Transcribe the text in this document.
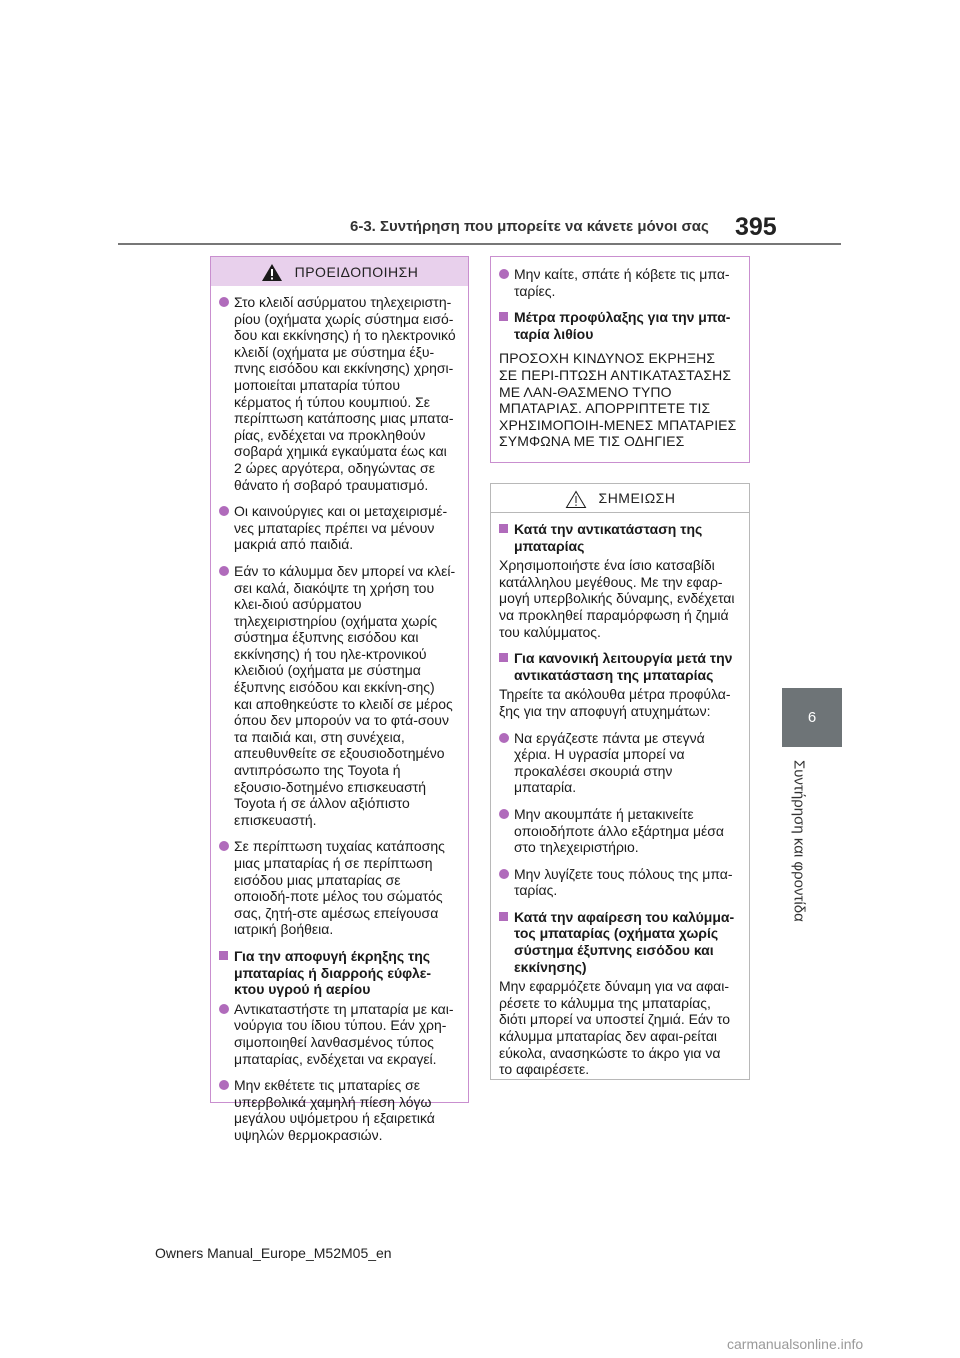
6-3. Συντήρηση που μπορείτε να κάνετε μόνοι σας 395
6
Συντήρηση και φροντίδα
ΠΡΟΕΙΔΟΠΟΙΗΣΗ

Στο κλειδί ασύρματου τηλεχειριστη-ρίου (οχήματα χωρίς σύστημα εισό-δου και εκκίνησης) ή το ηλεκτρονικό κλειδί (οχήματα με σύστημα έξυ-πνης εισόδου και εκκίνησης) χρησι-μοποιείται μπαταρία τύπου κέρματος ή τύπου κουμπιού. Σε περίπτωση κατάποσης μιας μπατα-ρίας, ενδέχεται να προκληθούν σοβαρά χημικά εγκαύματα έως και 2 ώρες αργότερα, οδηγώντας σε θάνατο ή σοβαρό τραυματισμό.

Οι καινούργιες και οι μεταχειρισμέ-νες μπαταρίες πρέπει να μένουν μακριά από παιδιά.

Εάν το κάλυμμα δεν μπορεί να κλεί-σει καλά, διακόψτε τη χρήση του κλει-διού ασύρματου τηλεχειριστηρίου (οχήματα χωρίς σύστημα έξυπνης εισόδου και εκκίνησης) ή του ηλε-κτρονικού κλειδιού (οχήματα με σύστημα έξυπνης εισόδου και εκκίνη-σης) και αποθηκεύστε το κλειδί σε μέρος όπου δεν μπορούν να το φτά-σουν τα παιδιά και, στη συνέχεια, απευθυνθείτε σε εξουσιοδοτημένο αντιπρόσωπο της Toyota ή εξουσιο-δοτημένο επισκευαστή Toyota ή σε άλλον αξιόπιστο επισκευαστή.

Σε περίπτωση τυχαίας κατάποσης μιας μπαταρίας ή σε περίπτωση εισόδου μιας μπαταρίας σε οποιοδή-ποτε μέλος του σώματός σας, ζητή-στε αμέσως επείγουσα ιατρική βοήθεια.

Για την αποφυγή έκρηξης της μπαταρίας ή διαρροής εύφλε-κτου υγρού ή αερίου

Αντικαταστήστε τη μπαταρία με και-νούργια του ίδιου τύπου. Εάν χρη-σιμοποιηθεί λανθασμένος τύπος μπαταρίας, ενδέχεται να εκραγεί.

Μην εκθέτετε τις μπαταρίες σε υπερβολικά χαμηλή πίεση λόγω μεγάλου υψόμετρου ή εξαιρετικά υψηλών θερμοκρασιών.

Μην καίτε, σπάτε ή κόβετε τις μπα-ταρίες.

Μέτρα προφύλαξης για την μπα-ταρία λιθίου

ΠΡΟΣΟΧΗ ΚΙΝΔΥΝΟΣ ΕΚΡΗΞΗΣ ΣΕ ΠΕΡΙ-ΠΤΩΣΗ ΑΝΤΙΚΑΤΑΣΤΑΣΗΣ ΜΕ ΛΑΝ-ΘΑΣΜΕΝΟ ΤΥΠΟ ΜΠΑΤΑΡΙΑΣ. ΑΠΟΡΡΙΠΤΕΤΕ ΤΙΣ ΧΡΗΣΙΜΟΠΟΙΗ-ΜΕΝΕΣ ΜΠΑΤΑΡΙΕΣ ΣΥΜΦΩΝΑ ΜΕ ΤΙΣ ΟΔΗΓΙΕΣ

ΣΗΜΕΙΩΣΗ

Κατά την αντικατάσταση της μπαταρίας

Χρησιμοποιήστε ένα ίσιο κατσαβίδι κατάλληλου μεγέθους. Με την εφαρ-μογή υπερβολικής δύναμης, ενδέχεται να προκληθεί παραμόρφωση ή ζημιά του καλύμματος.

Για κανονική λειτουργία μετά την αντικατάσταση της μπαταρίας

Τηρείτε τα ακόλουθα μέτρα προφύλα-ξης για την αποφυγή ατυχημάτων:

Να εργάζεστε πάντα με στεγνά χέρια. Η υγρασία μπορεί να προκαλέσει σκουριά στην μπαταρία.

Μην ακουμπάτε ή μετακινείτε οποιοδήποτε άλλο εξάρτημα μέσα στο τηλεχειριστήριο.

Μην λυγίζετε τους πόλους της μπα-ταρίας.

Κατά την αφαίρεση του καλύμμα-τος μπαταρίας (οχήματα χωρίς σύστημα έξυπνης εισόδου και εκκίνησης)

Μην εφαρμόζετε δύναμη για να αφαι-ρέσετε το κάλυμμα της μπαταρίας, διότι μπορεί να υποστεί ζημιά. Εάν το κάλυμμα μπαταρίας δεν αφαι-ρείται εύκολα, ανασηκώστε το άκρο για να το αφαιρέσετε.

Owners Manual_Europe_M52M05_en
carmanualsonline.info
